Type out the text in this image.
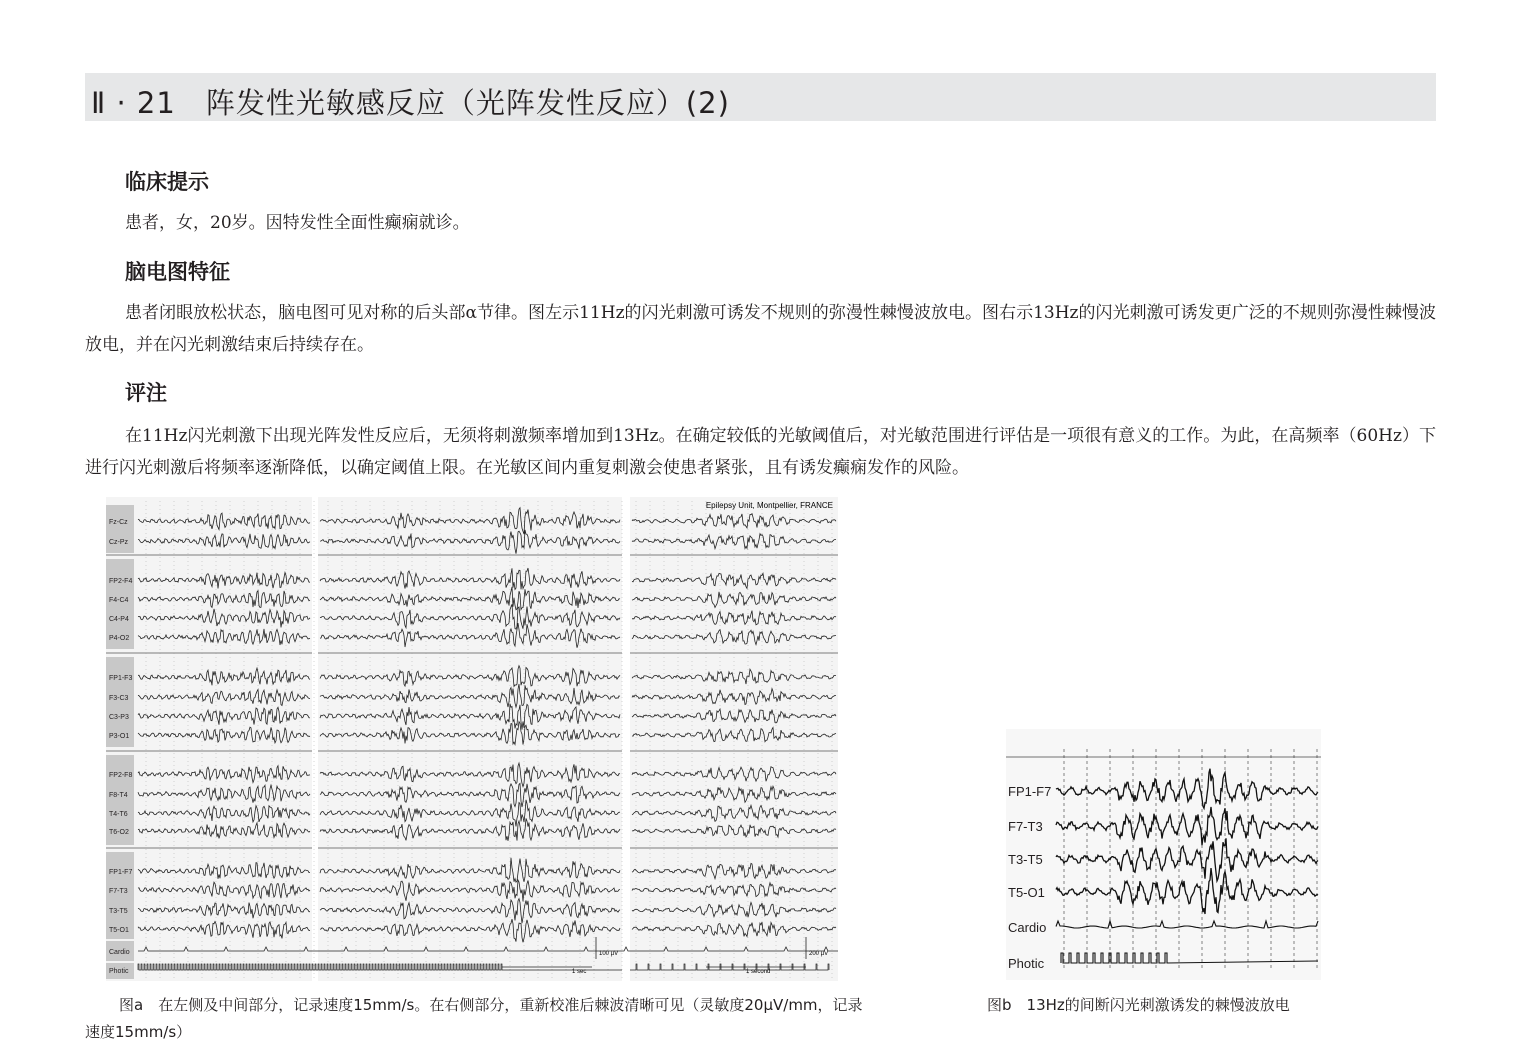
Ⅱ · 21　阵发性光敏感反应（光阵发性反应）(2)
临床提示
患者，女，20岁。因特发性全面性癫痫就诊。
脑电图特征
患者闭眼放松状态，脑电图可见对称的后头部α节律。图左示11Hz的闪光刺激可诱发不规则的弥漫性棘慢波放电。图右示13Hz的闪光刺激可诱发更广泛的不规则弥漫性棘慢波放电，并在闪光刺激结束后持续存在。
评注
在11Hz闪光刺激下出现光阵发性反应后，无须将刺激频率增加到13Hz。在确定较低的光敏阈值后，对光敏范围进行评估是一项很有意义的工作。为此，在高频率（60Hz）下进行闪光刺激后将频率逐渐降低，以确定阈值上限。在光敏区间内重复刺激会使患者紧张，且有诱发癫痫发作的风险。
Epilepsy Unit, Montpellier, FRANCE
100 µV	200 µV
1 sec	1 second
Fz-Cz
Cz-Pz
FP2-F4
F4-C4
C4-P4
P4-O2
FP1-F3
F3-C3
C3-P3
P3-O1
FP2-F8
F8-T4
T4-T6
T6-O2
FP1-F7
F7-T3
T3-T5
T5-O1
Cardio
Photic
图a　在左侧及中间部分，记录速度15mm/s。在右侧部分，重新校准后棘波清晰可见（灵敏度20μV/mm，记录速度15mm/s）
FP1-F7
F7-T3
T3-T5
T5-O1
Cardio
Photic
图b　13Hz的间断闪光刺激诱发的棘慢波放电
